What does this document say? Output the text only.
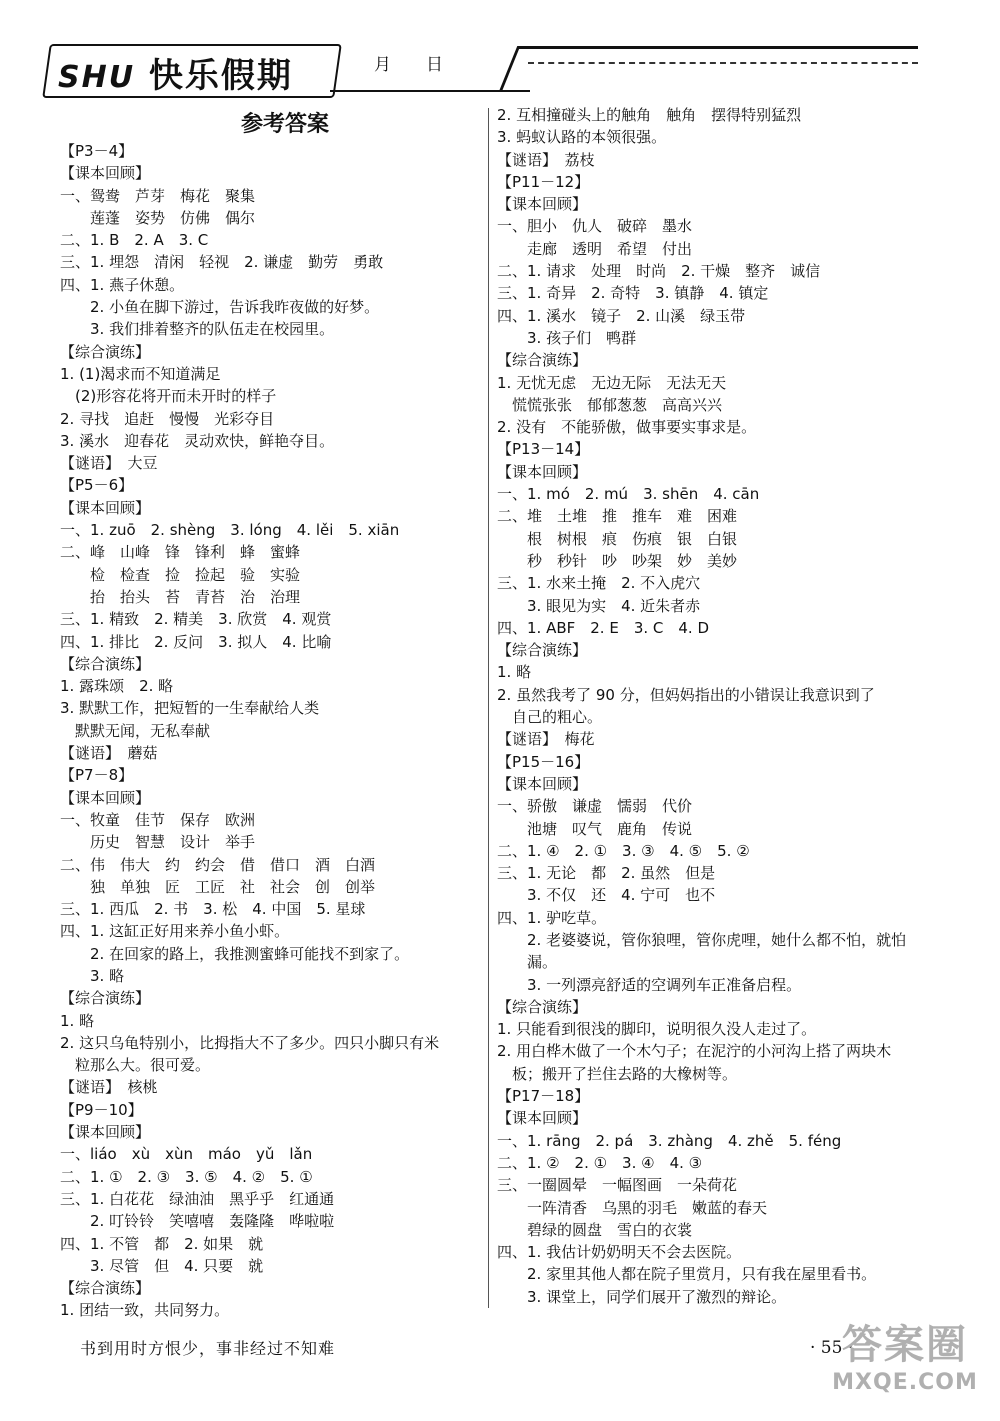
SHU 快乐假期	月 日
参考答案
【P3－4】
【课本回顾】
一、鸳鸯　芦芽　梅花　聚集
　　莲蓬　姿势　仿佛　偶尔
二、1. B　2. A　3. C
三、1. 埋怨　清闲　轻视　2. 谦虚　勤劳　勇敢
四、1. 燕子休憩。
　　2. 小鱼在脚下游过，告诉我昨夜做的好梦。
　　3. 我们排着整齐的队伍走在校园里。
【综合演练】
1. (1)渴求而不知道满足
　(2)形容花将开而未开时的样子
2. 寻找　追赶　慢慢　光彩夺目
3. 溪水　迎春花　灵动欢快，鲜艳夺目。
【谜语】　大豆
【P5－6】
【课本回顾】
一、1. zuō　2. shèng　3. lóng　4. lěi　5. xiān
二、峰　山峰　锋　锋利　蜂　蜜蜂
　　检　检查　捡　捡起　验　实验
　　抬　抬头　苔　青苔　治　治理
三、1. 精致　2. 精美　3. 欣赏　4. 观赏
四、1. 排比　2. 反问　3. 拟人　4. 比喻
【综合演练】
1. 露珠颂　2. 略
3. 默默工作，把短暂的一生奉献给人类
　默默无闻，无私奉献
【谜语】　蘑菇
【P7－8】
【课本回顾】
一、牧童　佳节　保存　欧洲
　　历史　智慧　设计　举手
二、伟　伟大　约　约会　借　借口　酒　白酒
　　独　单独　匠　工匠　社　社会　创　创举
三、1. 西瓜　2. 书　3. 松　4. 中国　5. 星球
四、1. 这缸正好用来养小鱼小虾。
　　2. 在回家的路上，我推测蜜蜂可能找不到家了。
　　3. 略
【综合演练】
1. 略
2. 这只乌龟特别小，比拇指大不了多少。四只小脚只有米
　粒那么大。很可爱。
【谜语】　核桃
【P9－10】
【课本回顾】
一、liáo　xù　xùn　máo　yǔ　lǎn
二、1. ①　2. ③　3. ⑤　4. ②　5. ①
三、1. 白花花　绿油油　黑乎乎　红通通
　　2. 叮铃铃　笑嘻嘻　轰隆隆　哗啦啦
四、1. 不管　都　2. 如果　就
　　3. 尽管　但　4. 只要　就
【综合演练】
1. 团结一致，共同努力。
2. 互相撞碰头上的触角　触角　摆得特别猛烈
3. 蚂蚁认路的本领很强。
【谜语】　荔枝
【P11－12】
【课本回顾】
一、胆小　仇人　破碎　墨水
　　走廊　透明　希望　付出
二、1. 请求　处理　时尚　2. 干燥　整齐　诚信
三、1. 奇异　2. 奇特　3. 镇静　4. 镇定
四、1. 溪水　镜子　2. 山溪　绿玉带
　　3. 孩子们　鸭群
【综合演练】
1. 无忧无虑　无边无际　无法无天
　慌慌张张　郁郁葱葱　高高兴兴
2. 没有　不能骄傲，做事要实事求是。
【P13－14】
【课本回顾】
一、1. mó　2. mú　3. shēn　4. cān
二、堆　土堆　推　推车　难　困难
　　根　树根　痕　伤痕　银　白银
　　秒　秒针　吵　吵架　妙　美妙
三、1. 水来土掩　2. 不入虎穴
　　3. 眼见为实　4. 近朱者赤
四、1. ABF　2. E　3. C　4. D
【综合演练】
1. 略
2. 虽然我考了 90 分，但妈妈指出的小错误让我意识到了
　自己的粗心。
【谜语】　梅花
【P15－16】
【课本回顾】
一、骄傲　谦虚　懦弱　代价
　　池塘　叹气　鹿角　传说
二、1. ④　2. ①　3. ③　4. ⑤　5. ②
三、1. 无论　都　2. 虽然　但是
　　3. 不仅　还　4. 宁可　也不
四、1. 驴吃草。
　　2. 老婆婆说，管你狼哩，管你虎哩，她什么都不怕，就怕
　　漏。
　　3. 一列漂亮舒适的空调列车正准备启程。
【综合演练】
1. 只能看到很浅的脚印，说明很久没人走过了。
2. 用白桦木做了一个木勺子；在泥泞的小河沟上搭了两块木
　板；搬开了拦住去路的大橡树等。
【P17－18】
【课本回顾】
一、1. rāng　2. pá　3. zhàng　4. zhě　5. féng
二、1. ②　2. ①　3. ④　4. ③
三、一圈圆晕　一幅图画　一朵荷花
　　一阵清香　乌黑的羽毛　嫩蓝的春天
　　碧绿的圆盘　雪白的衣裳
四、1. 我估计奶奶明天不会去医院。
　　2. 家里其他人都在院子里赏月，只有我在屋里看书。
　　3. 课堂上，同学们展开了激烈的辩论。
书到用时方恨少，事非经过不知难	· 55 ·
答案圈
MXQE.COM
